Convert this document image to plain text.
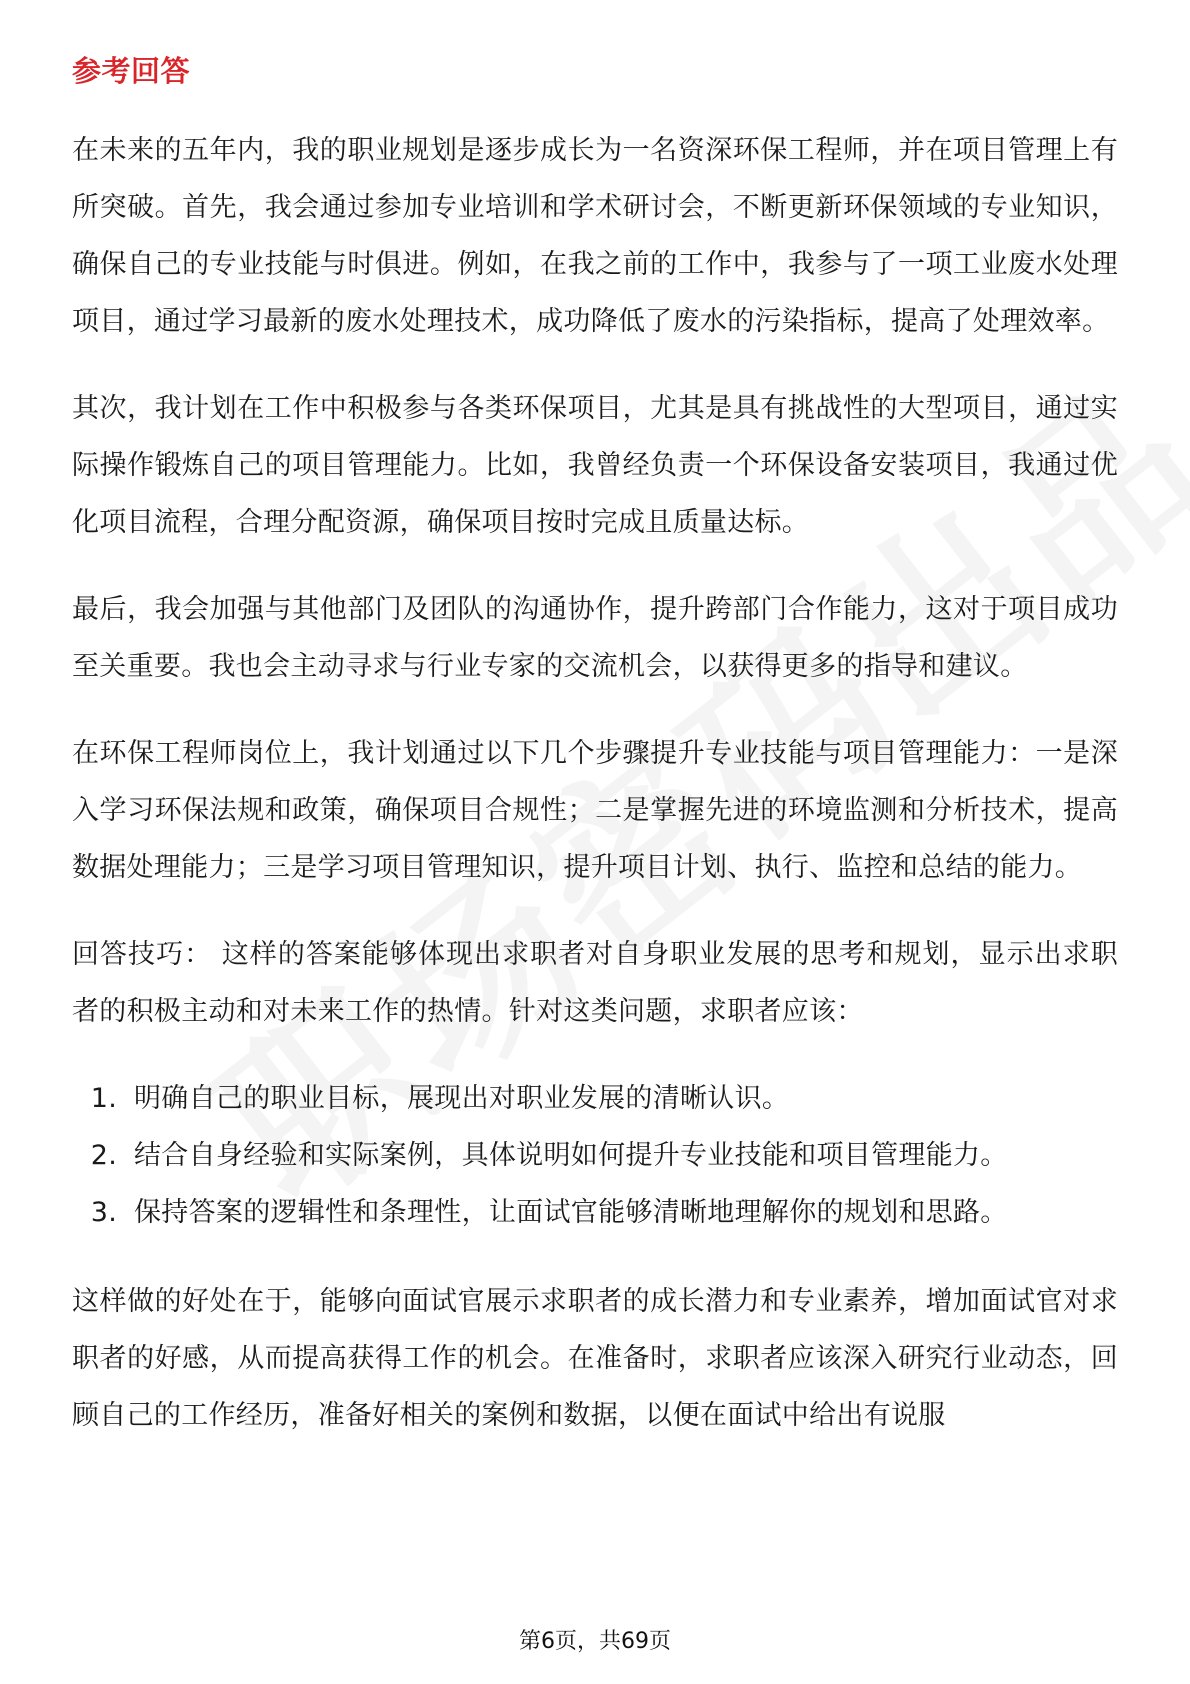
参考回答

在未来的五年内，我的职业规划是逐步成长为一名资深环保工程师，并在项目管理上有所突破。首先，我会通过参加专业培训和学术研讨会，不断更新环保领域的专业知识，确保自己的专业技能与时俱进。例如，在我之前的工作中，我参与了一项工业废水处理项目，通过学习最新的废水处理技术，成功降低了废水的污染指标，提高了处理效率。

其次，我计划在工作中积极参与各类环保项目，尤其是具有挑战性的大型项目，通过实际操作锻炼自己的项目管理能力。比如，我曾经负责一个环保设备安装项目，我通过优化项目流程，合理分配资源，确保项目按时完成且质量达标。

最后，我会加强与其他部门及团队的沟通协作，提升跨部门合作能力，这对于项目成功至关重要。我也会主动寻求与行业专家的交流机会，以获得更多的指导和建议。

在环保工程师岗位上，我计划通过以下几个步骤提升专业技能与项目管理能力：一是深入学习环保法规和政策，确保项目合规性；二是掌握先进的环境监测和分析技术，提高数据处理能力；三是学习项目管理知识，提升项目计划、执行、监控和总结的能力。

回答技巧： 这样的答案能够体现出求职者对自身职业发展的思考和规划，显示出求职者的积极主动和对未来工作的热情。针对这类问题，求职者应该：

1. 明确自己的职业目标，展现出对职业发展的清晰认识。
2. 结合自身经验和实际案例，具体说明如何提升专业技能和项目管理能力。
3. 保持答案的逻辑性和条理性，让面试官能够清晰地理解你的规划和思路。

这样做的好处在于，能够向面试官展示求职者的成长潜力和专业素养，增加面试官对求职者的好感，从而提高获得工作的机会。在准备时，求职者应该深入研究行业动态，回顾自己的工作经历，准备好相关的案例和数据，以便在面试中给出有说服

第6页，共69页
